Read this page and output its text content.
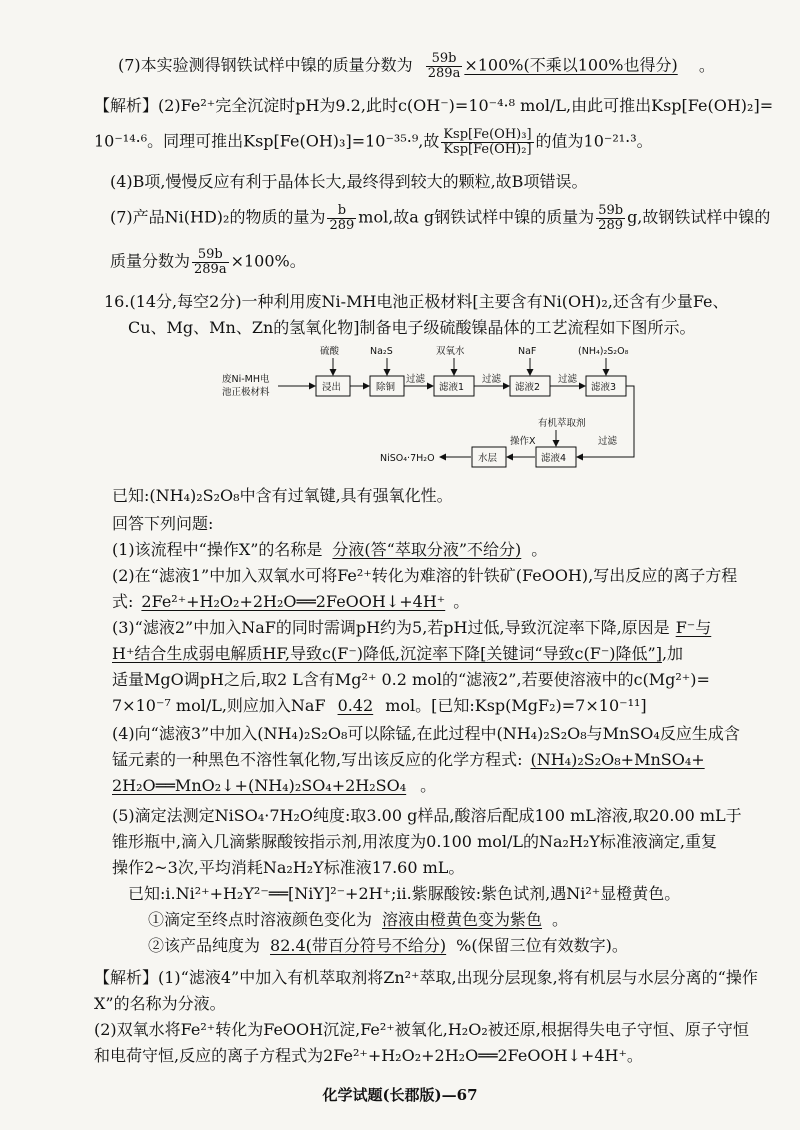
(7)本实验测得钢铁试样中镍的质量分数为 $\frac{59b}{289a} \times 100\%$(不乘以100%也得分) 。
【解析】(2)Fe²⁺完全沉淀时pH为9.2,此时c(OH⁻)=10⁻⁴·⁸ mol/L,由此可推出Ksp[Fe(OH)₂]=
10⁻¹⁴·⁶。同理可推出Ksp[Fe(OH)₃]=10⁻³⁵·⁹,故 $\frac{\text{Ksp[Fe(OH)₃]}}{\text{Ksp[Fe(OH)₂]}}$ 的值为10⁻²¹·³。
(4)B项,慢慢反应有利于晶体长大,最终得到较大的颗粒,故B项错误。
(7)产品Ni(HD)₂的物质的量为 $\frac{b}{289}$ mol,故a g钢铁试样中镍的质量为 $\frac{59b}{289} g$,故钢铁试样中镍的
质量分数为 $\frac{59b}{289a} \times 100\%$。
16.(14分,每空2分)一种利用废Ni-MH电池正极材料[主要含有Ni(OH)₂,还含有少量Fe、
Cu、Mg、Mn、Zn的氢氧化物]制备电子级硫酸镍晶体的工艺流程如下图所示。
废Ni-MH电
池正极材料
硫酸	Na₂S	双氧水	NaF	(NH₄)₂S₂O₈
有机萃取剂
浸出	除铜	滤液1	滤液2	滤液3
滤液4
水层
NiSO₄·7H₂O
过滤	过滤	过滤
过滤
操作X
已知:(NH₄)₂S₂O₈中含有过氧键,具有强氧化性。
回答下列问题:
(1)该流程中“操作X”的名称是 分液(答“萃取分液”不给分) 。
(2)在“滤液1”中加入双氧水可将Fe²⁺转化为难溶的针铁矿(FeOOH),写出反应的离子方程
式: 2Fe²⁺+H₂O₂+2H₂O══2FeOOH↓+4H⁺ 。
(3)“滤液2”中加入NaF的同时需调pH约为5,若pH过低,导致沉淀率下降,原因是 F⁻与
H⁺结合生成弱电解质HF,导致c(F⁻)降低,沉淀率下降[关键词“导致c(F⁻)降低”],加
适量MgO调pH之后,取2 L含有Mg²⁺ 0.2 mol的“滤液2”,若要使溶液中的c(Mg²⁺)=
7×10⁻⁷ mol/L,则应加入NaF 0.42 mol。[已知:Ksp(MgF₂)=7×10⁻¹¹]
(4)向“滤液3”中加入(NH₄)₂S₂O₈可以除锰,在此过程中(NH₄)₂S₂O₈与MnSO₄反应生成含
锰元素的一种黑色不溶性氧化物,写出该反应的化学方程式: (NH₄)₂S₂O₈+MnSO₄+
2H₂O══MnO₂↓+(NH₄)₂SO₄+2H₂SO₄ 。
(5)滴定法测定NiSO₄·7H₂O纯度:取3.00 g样品,酸溶后配成100 mL溶液,取20.00 mL于
锥形瓶中,滴入几滴紫脲酸铵指示剂,用浓度为0.100 mol/L的Na₂H₂Y标准液滴定,重复
操作2~3次,平均消耗Na₂H₂Y标准液17.60 mL。
已知:ⅰ.Ni²⁺+H₂Y²⁻══[NiY]²⁻+2H⁺;ⅱ.紫脲酸铵:紫色试剂,遇Ni²⁺显橙黄色。
①滴定至终点时溶液颜色变化为 溶液由橙黄色变为紫色 。
②该产品纯度为 82.4(带百分符号不给分) %(保留三位有效数字)。
【解析】(1)“滤液4”中加入有机萃取剂将Zn²⁺萃取,出现分层现象,将有机层与水层分离的“操作
X”的名称为分液。
(2)双氧水将Fe²⁺转化为FeOOH沉淀,Fe²⁺被氧化,H₂O₂被还原,根据得失电子守恒、原子守恒
和电荷守恒,反应的离子方程式为2Fe²⁺+H₂O₂+2H₂O══2FeOOH↓+4H⁺。
化学试题(长郡版)—67
